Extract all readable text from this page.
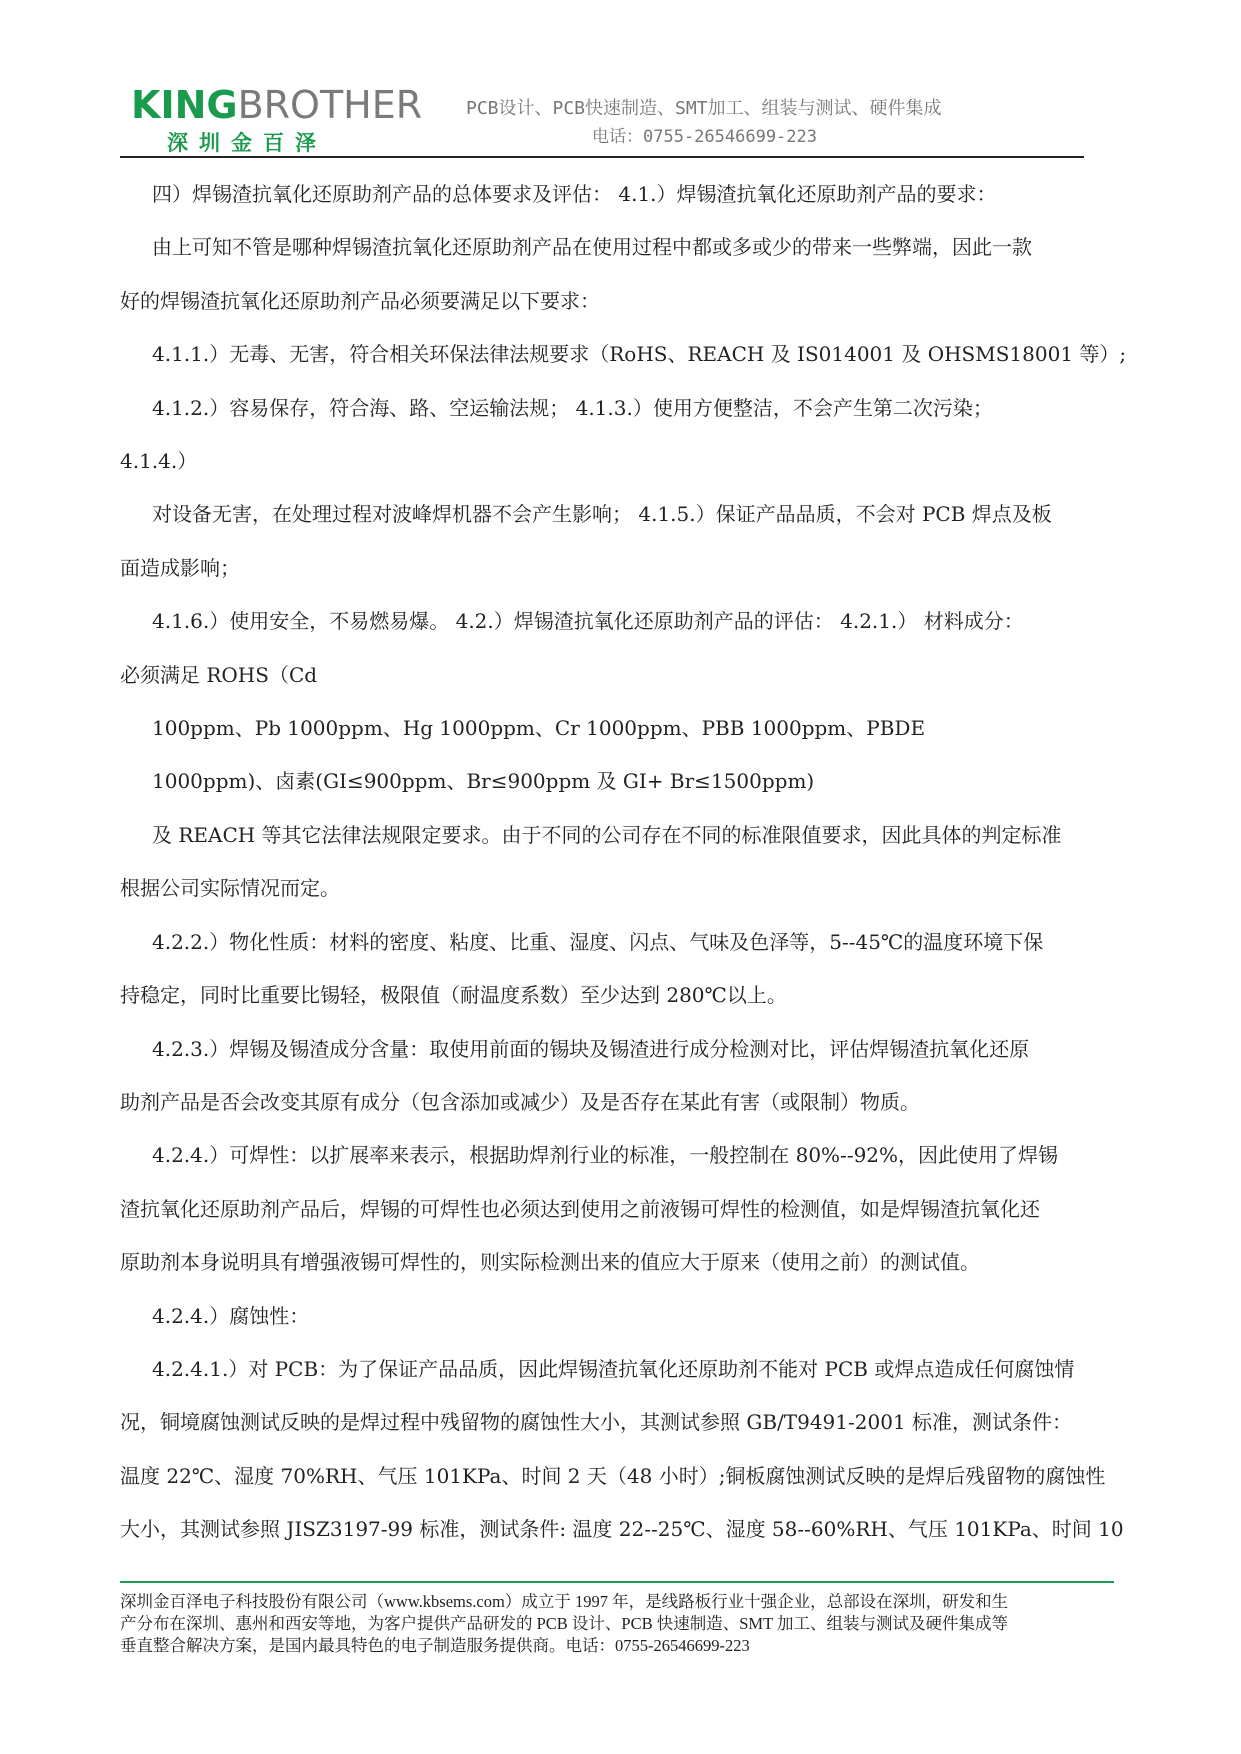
KINGBROTHER
深圳金百泽
PCB设计、PCB快速制造、SMT加工、组装与测试、硬件集成
电话：0755-26546699-223

四）焊锡渣抗氧化还原助剂产品的总体要求及评估： 4.1.）焊锡渣抗氧化还原助剂产品的要求：

由上可知不管是哪种焊锡渣抗氧化还原助剂产品在使用过程中都或多或少的带来一些弊端，因此一款

好的焊锡渣抗氧化还原助剂产品必须要满足以下要求：

4.1.1.）无毒、无害，符合相关环保法律法规要求（RoHS、REACH 及 IS014001 及 OHSMS18001 等）;

4.1.2.）容易保存，符合海、路、空运输法规； 4.1.3.）使用方便整洁，不会产生第二次污染；

4.1.4.）

对设备无害，在处理过程对波峰焊机器不会产生影响； 4.1.5.）保证产品品质，不会对 PCB 焊点及板

面造成影响；

4.1.6.）使用安全，不易燃易爆。 4.2.）焊锡渣抗氧化还原助剂产品的评估： 4.2.1.） 材料成分：

必须满足 ROHS（Cd

100ppm、Pb 1000ppm、Hg 1000ppm、Cr 1000ppm、PBB 1000ppm、PBDE

1000ppm)、卤素(GI≤900ppm、Br≤900ppm 及 GI+ Br≤1500ppm)

及 REACH 等其它法律法规限定要求。由于不同的公司存在不同的标准限值要求，因此具体的判定标准

根据公司实际情况而定。

4.2.2.）物化性质：材料的密度、粘度、比重、湿度、闪点、气味及色泽等，5--45℃的温度环境下保

持稳定，同时比重要比锡轻，极限值（耐温度系数）至少达到 280℃以上。

4.2.3.）焊锡及锡渣成分含量：取使用前面的锡块及锡渣进行成分检测对比，评估焊锡渣抗氧化还原

助剂产品是否会改变其原有成分（包含添加或减少）及是否存在某此有害（或限制）物质。

4.2.4.）可焊性：以扩展率来表示，根据助焊剂行业的标准，一般控制在 80%--92%，因此使用了焊锡

渣抗氧化还原助剂产品后，焊锡的可焊性也必须达到使用之前液锡可焊性的检测值，如是焊锡渣抗氧化还

原助剂本身说明具有增强液锡可焊性的，则实际检测出来的值应大于原来（使用之前）的测试值。

4.2.4.）腐蚀性：

4.2.4.1.）对 PCB：为了保证产品品质，因此焊锡渣抗氧化还原助剂不能对 PCB 或焊点造成任何腐蚀情

况，铜境腐蚀测试反映的是焊过程中残留物的腐蚀性大小，其测试参照 GB/T9491-2001 标准，测试条件：

温度 22℃、湿度 70%RH、气压 101KPa、时间 2 天（48 小时）;铜板腐蚀测试反映的是焊后残留物的腐蚀性

大小，其测试参照 JISZ3197-99 标准，测试条件: 温度 22--25℃、湿度 58--60%RH、气压 101KPa、时间 10

深圳金百泽电子科技股份有限公司（www.kbsems.com）成立于 1997 年，是线路板行业十强企业，总部设在深圳，研发和生
产分布在深圳、惠州和西安等地，为客户提供产品研发的 PCB 设计、PCB 快速制造、SMT 加工、组装与测试及硬件集成等
垂直整合解决方案，是国内最具特色的电子制造服务提供商。电话：0755-26546699-223
